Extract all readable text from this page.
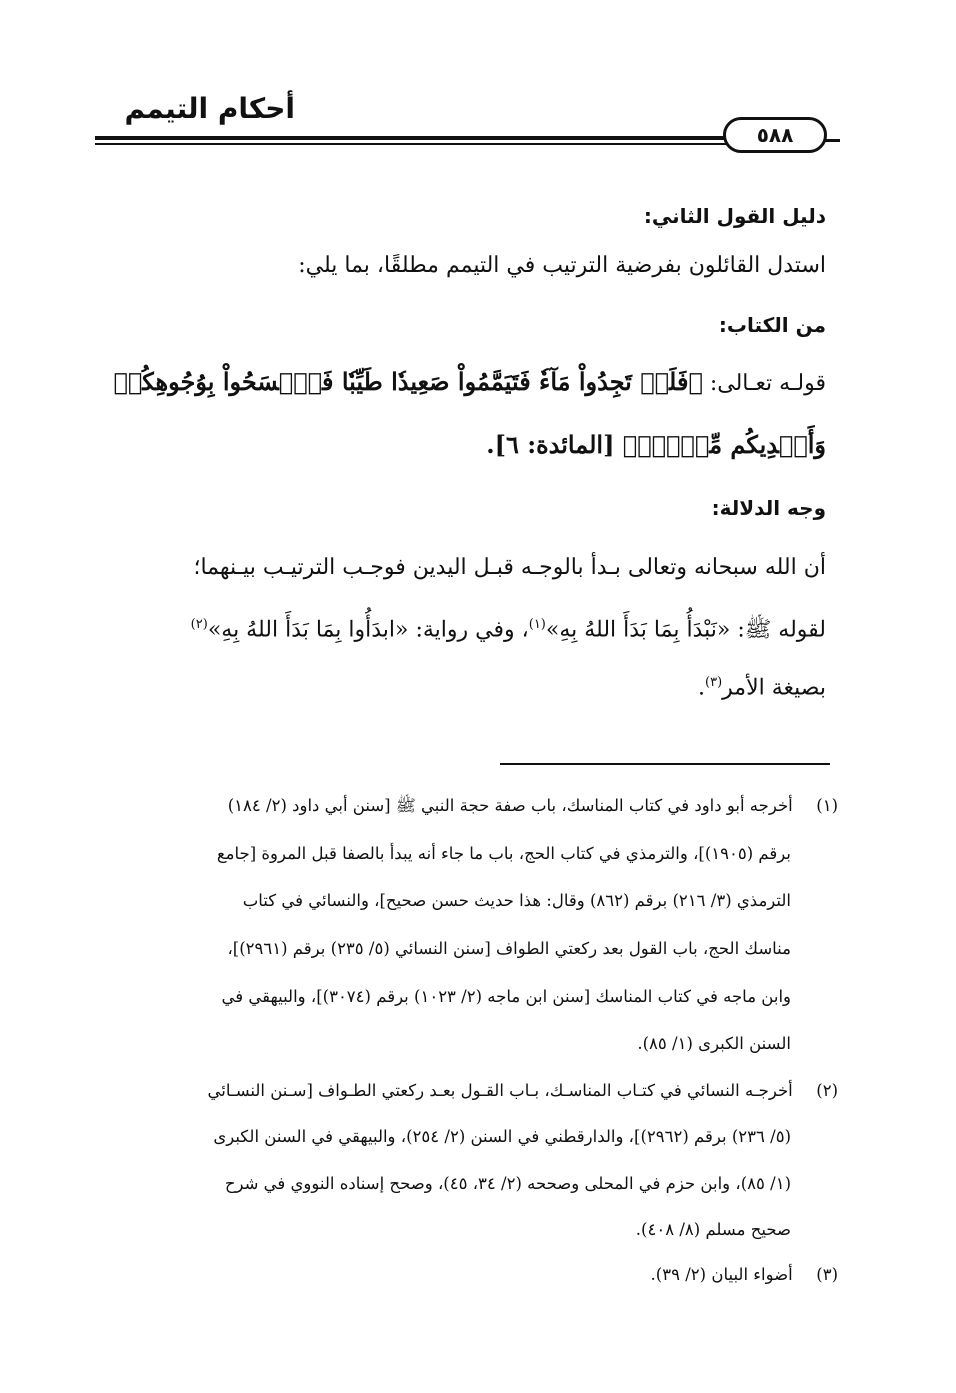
أحكام التيمم
٥٨٨
دليل القول الثاني:
استدل القائلون بفرضية الترتيب في التيمم مطلقًا، بما يلي:
من الكتاب:
قولـه تعـالى: ﴿فَلَمۡ تَجِدُواْ مَآءٗ فَتَيَمَّمُواْ صَعِيدٗا طَيِّبٗا فَٱمۡسَحُواْ بِوُجُوهِكُمۡ
وَأَيۡدِيكُم مِّنۡهُۚ﴾ [المائدة: ٦].
وجه الدلالة:
أن الله سبحانه وتعالى بـدأ بالوجـه قبـل اليدين فوجـب الترتيـب بيـنهما؛
لقوله ﷺ: «نَبْدَأُ بِمَا بَدَأَ اللهُ بِهِ»$^{(١)}$، وفي رواية: «ابدَأُوا بِمَا بَدَأَ اللهُ بِهِ»$^{(٢)}$
بصيغة الأمر$^{(٣)}$.
(١) أخرجه أبو داود في كتاب المناسك، باب صفة حجة النبي ﷺ [سنن أبي داود (٢/ ١٨٤)
برقم (١٩٠٥)]، والترمذي في كتاب الحج، باب ما جاء أنه يبدأ بالصفا قبل المروة [جامع
الترمذي (٣/ ٢١٦) برقم (٨٦٢) وقال: هذا حديث حسن صحيح]، والنسائي في كتاب
مناسك الحج، باب القول بعد ركعتي الطواف [سنن النسائي (٥/ ٢٣٥) برقم (٢٩٦١)]،
وابن ماجه في كتاب المناسك [سنن ابن ماجه (٢/ ١٠٢٣) برقم (٣٠٧٤)]، والبيهقي في
السنن الكبرى (١/ ٨٥).
(٢) أخرجـه النسائي في كتـاب المناسـك، بـاب القـول بعـد ركعتي الطـواف [سـنن النسـائي
(٥/ ٢٣٦) برقم (٢٩٦٢)]، والدارقطني في السنن (٢/ ٢٥٤)، والبيهقي في السنن الكبرى
(١/ ٨٥)، وابن حزم في المحلى وصححه (٢/ ٣٤، ٤٥)، وصحح إسناده النووي في شرح
صحيح مسلم (٨/ ٤٠٨).
(٣) أضواء البيان (٢/ ٣٩).
